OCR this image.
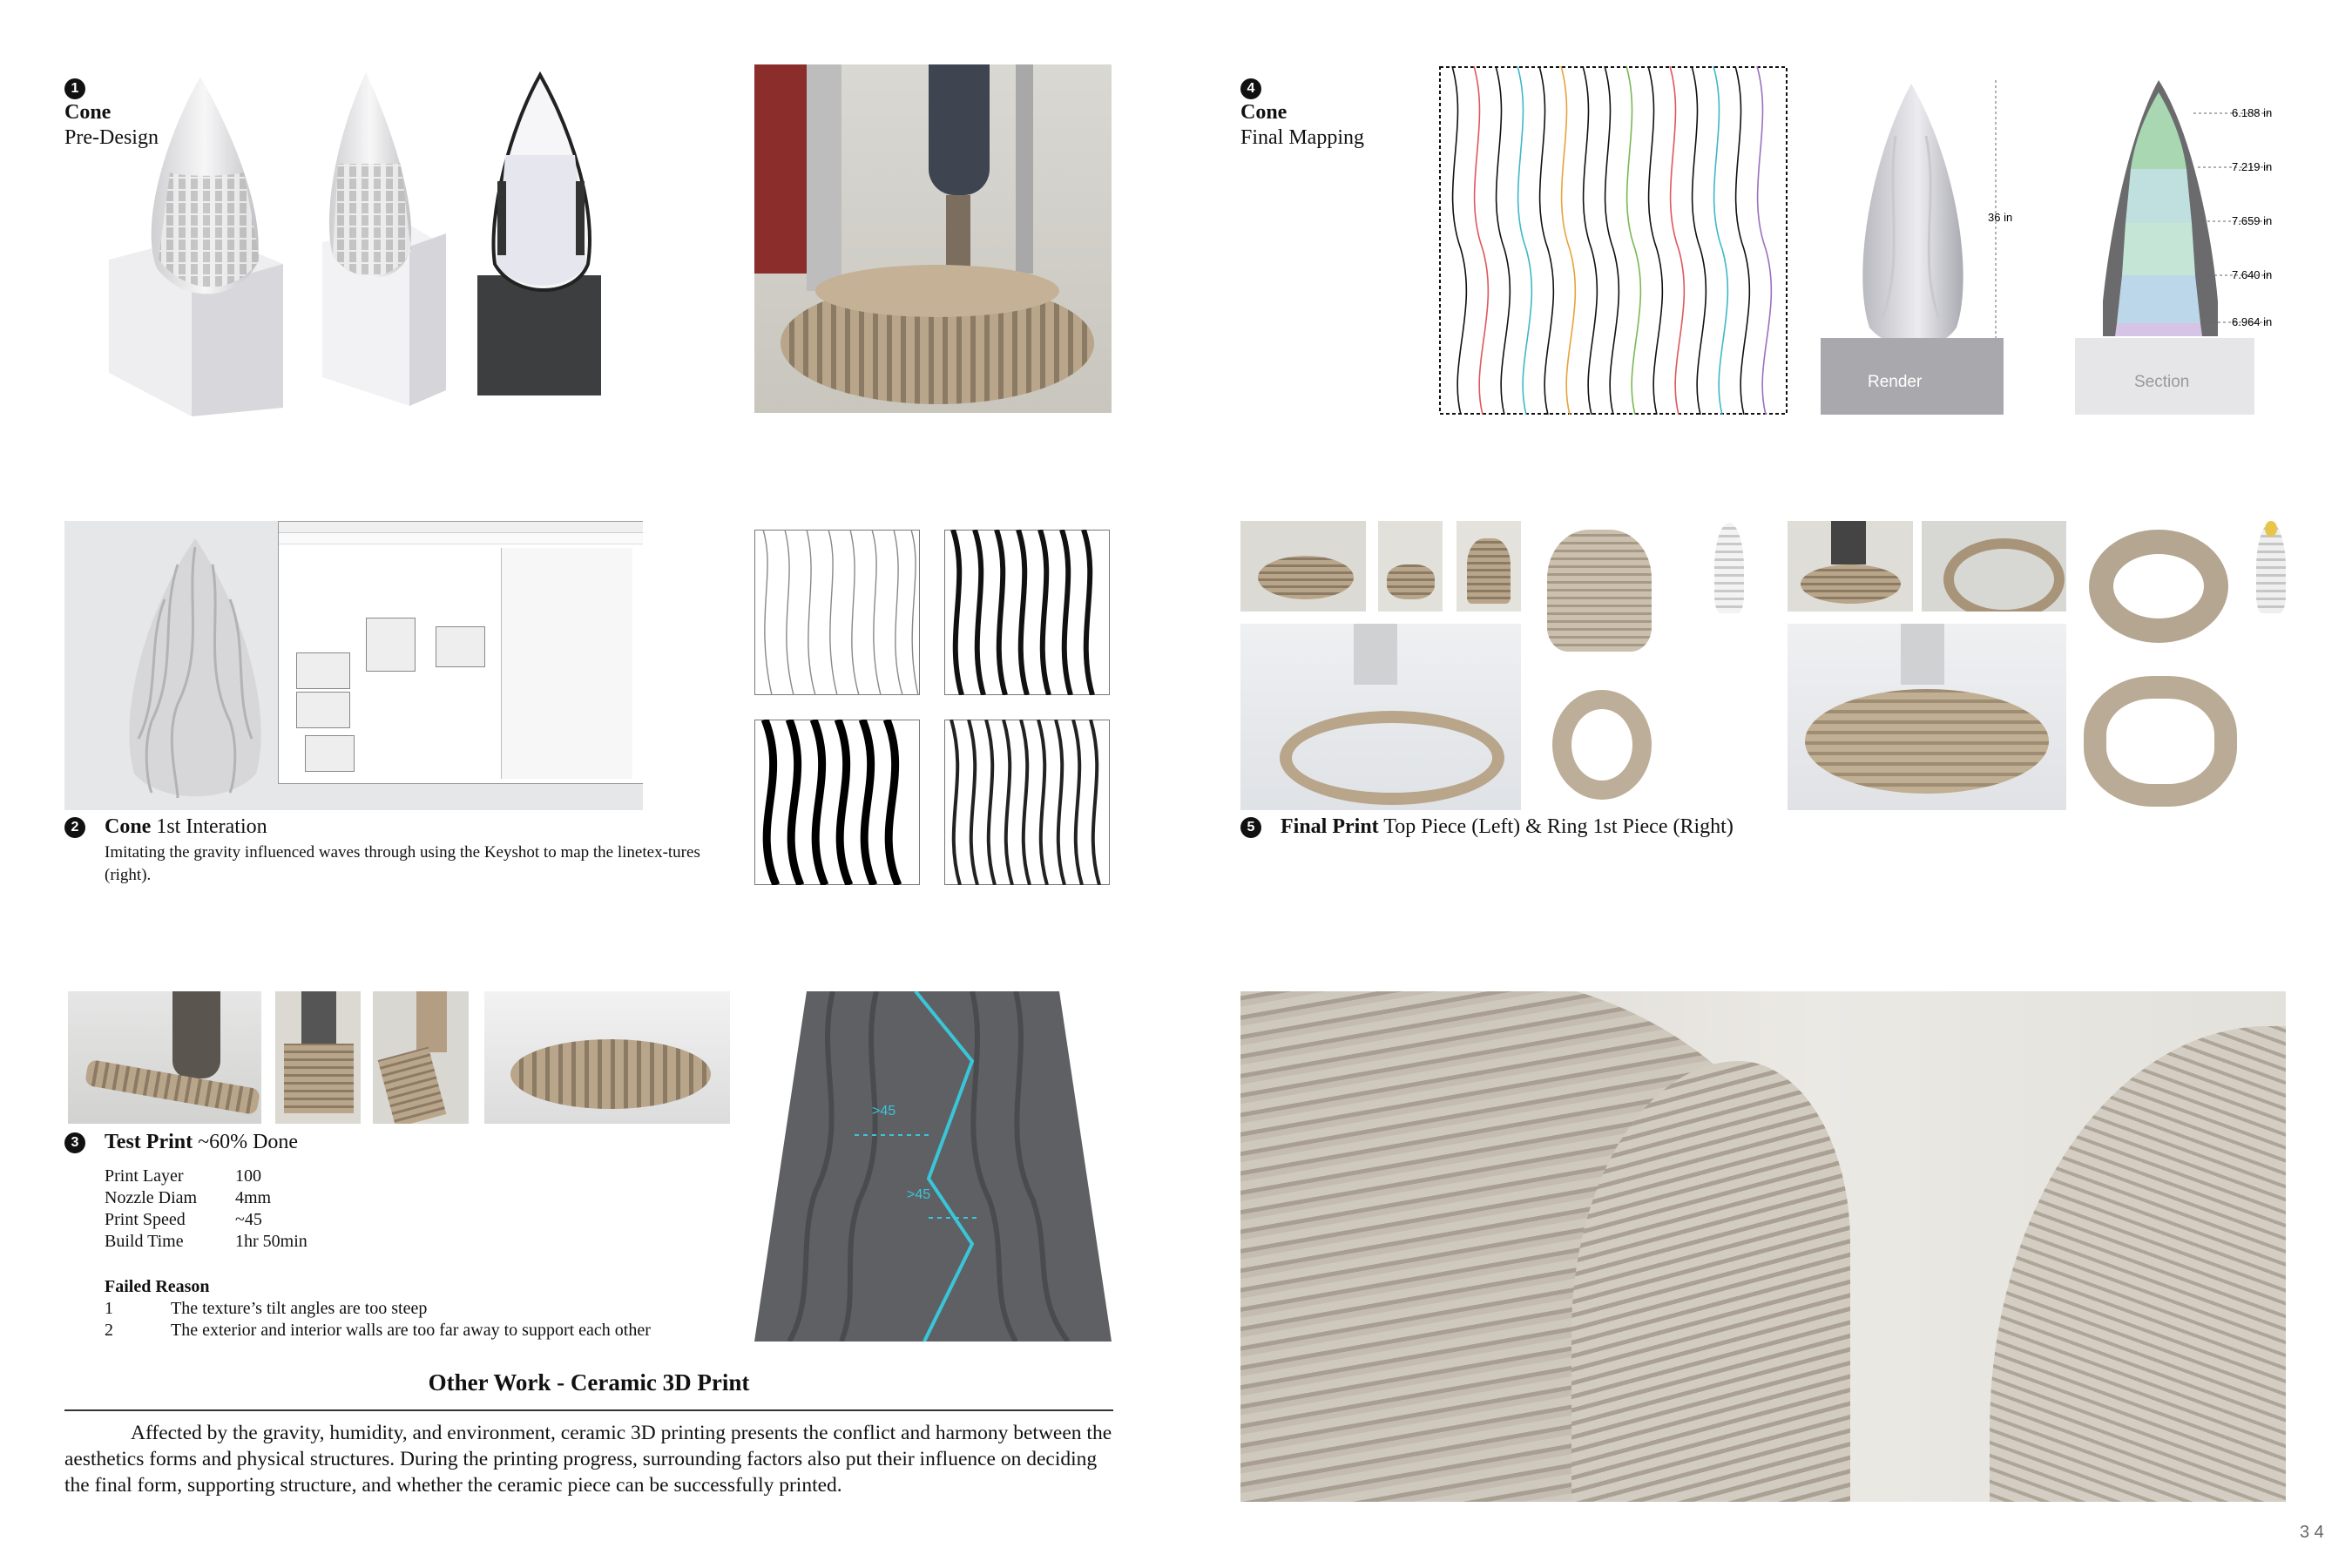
1
Cone
Pre-Design
2	Cone 1st Interation
Imitating the gravity influenced waves through using the Keyshot to map the linetex-tures (right).
3	Test Print ~60% Done
Print Layer	100
Nozzle Diam	4mm
Print Speed	~45
Build Time	1hr 50min
Failed Reason
1	The texture’s tilt angles are too steep
2	The exterior and interior walls are too far away to support each other
>45
>45
Other Work - Ceramic 3D Print
Affected by the gravity, humidity, and environment, ceramic 3D printing presents the conflict and harmony between the aesthetics forms and physical structures. During the printing progress, surrounding factors also put their influence on deciding the final form, supporting structure, and whether the ceramic piece can be successfully printed.
4
Cone
Final Mapping
Render
36 in
6.188 in
7.219 in
7.659 in
7.640 in
6.964 in
Section
5	Final Print Top Piece (Left) & Ring 1st Piece (Right)
3 4
